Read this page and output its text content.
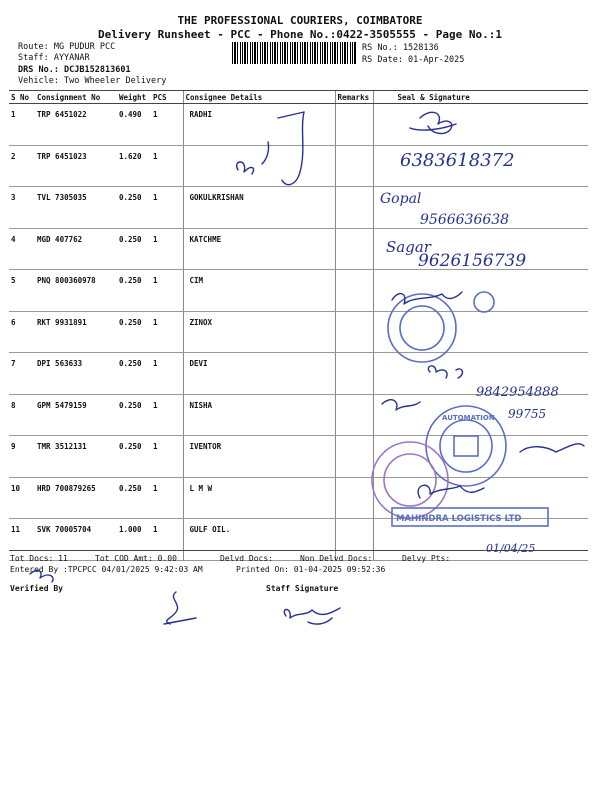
THE PROFESSIONAL COURIERS, COIMBATORE
Delivery Runsheet - PCC - Phone No.:0422-3505555 - Page No.:1
Route: MG PUDUR PCC
Staff: AYYANAR
DRS No.: DCJB152813601
Vehicle: Two Wheeler Delivery
RS No.: 1528136
RS Date: 01-Apr-2025
S No	Consignment No	Weight	PCS	Consignee Details	Remarks	Seal & Signature
1	TRP 6451022	0.490	1	RADHI		
2	TRP 6451023	1.620	1			
3	TVL 7305035	0.250	1	GOKULKRISHAN		
4	MGD 407762	0.250	1	KATCHME		
5	PNQ 800360978	0.250	1	CIM		
6	RKT 9931891	0.250	1	ZINOX		
7	DPI 563633	0.250	1	DEVI		
8	GPM 5479159	0.250	1	NISHA		
9	TMR 3512131	0.250	1	IVENTOR		
10	HRD 700879265	0.250	1	L M W		
11	SVK 70005704	1.000	1	GULF OIL.		
Tot Docs: 11	Tot COD Amt: 0.00	Delvd Docs:	Non Delvd Docs:	Delvy Pts:
Entered By :TPCPCC 04/01/2025 9:42:03 AM	Printed On: 01-04-2025 09:52:36
Verified By	Staff Signature
6383618372
Gopal
9566636638
Sagar
9626156739
9842954888
99755
AUTOMATION
MAHINDRA LOGISTICS LTD
01/04/25
